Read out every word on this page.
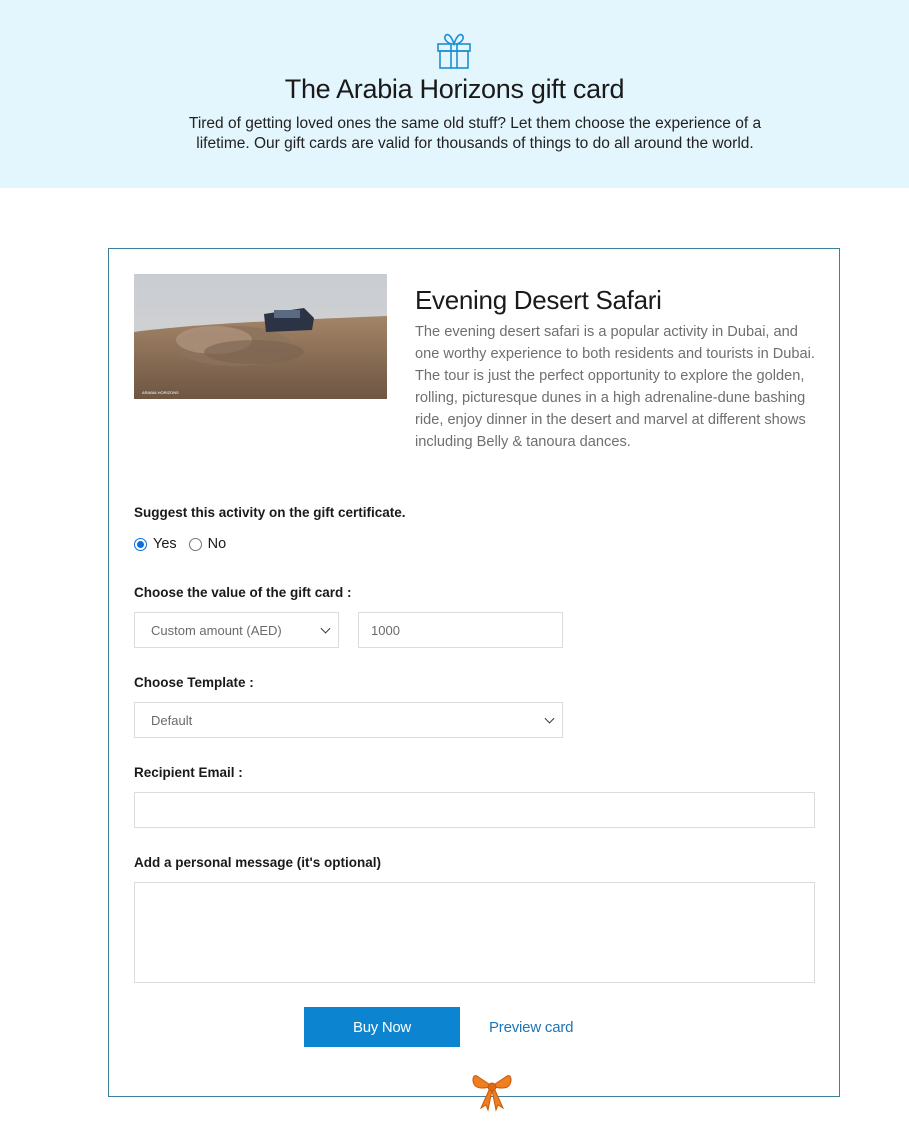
The Arabia Horizons gift card
Tired of getting loved ones the same old stuff? Let them choose the experience of a lifetime. Our gift cards are valid for thousands of things to do all around the world.
ARABIA HORIZONS
Evening Desert Safari
The evening desert safari is a popular activity in Dubai, and one worthy experience to both residents and tourists in Dubai. The tour is just the perfect opportunity to explore the golden, rolling, picturesque dunes in a high adrenaline-dune bashing ride, enjoy dinner in the desert and marvel at different shows including Belly & tanoura dances.
Suggest this activity on the gift certificate.
Yes No
Choose the value of the gift card :
Custom amount (AED)	1000
Choose Template :
Default
Recipient Email :
Add a personal message (it's optional)
Buy Now	Preview card
